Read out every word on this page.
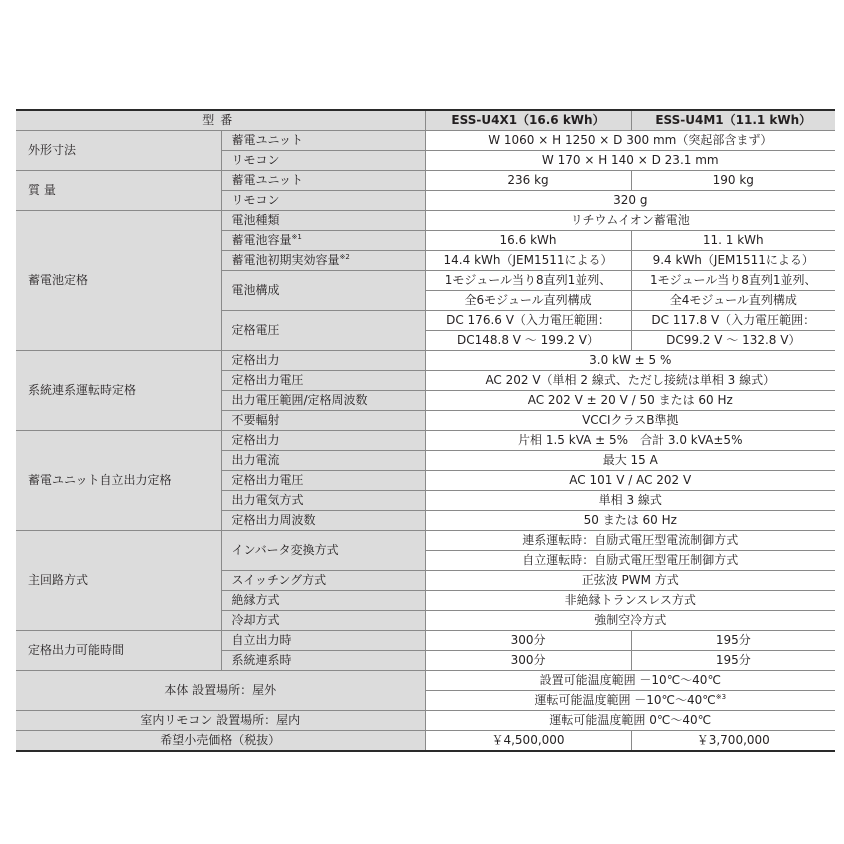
型番		ESS-U4X1（16.6 kWh）	ESS-U4M1（11.1 kWh）
外形寸法	蓄電ユニット	W 1060 × H 1250 × D 300 mm（突起部含まず）	
	リモコン	W 170 × H 140 × D 23.1 mm	
質 量	蓄電ユニット	236 kg	190 kg
	リモコン	320 g	
蓄電池定格	電池種類	リチウムイオン蓄電池	
	蓄電池容量$^{※1}$	16.6 kWh	11. 1 kWh
	蓄電池初期実効容量$^{※2}$	14.4 kWh（JEM1511による）	9.4 kWh（JEM1511による）
	電池構成	1モジュール当り8直列1並列、	1モジュール当り8直列1並列、
		全6モジュール直列構成	全4モジュール直列構成
	定格電圧	DC 176.6 V（入力電圧範囲：	DC 117.8 V（入力電圧範囲：
		DC148.8 V ～ 199.2 V）	DC99.2 V ～ 132.8 V）
系統連系運転時定格	定格出力	3.0 kW ± 5 %	
	定格出力電圧	AC 202 V（単相 2 線式、ただし接続は単相 3 線式）	
	出力電圧範囲/定格周波数	AC 202 V ± 20 V / 50 または 60 Hz	
	不要輻射	VCCIクラスB準拠	
蓄電ユニット自立出力定格	定格出力	片相 1.5 kVA ± 5%　合計 3.0 kVA±5%	
	出力電流	最大 15 A	
	定格出力電圧	AC 101 V / AC 202 V	
	出力電気方式	単相 3 線式	
	定格出力周波数	50 または 60 Hz	
主回路方式	インバータ変換方式	連系運転時：自励式電圧型電流制御方式	
		自立運転時：自励式電圧型電圧制御方式	
	スイッチング方式	正弦波 PWM 方式	
	絶縁方式	非絶縁トランスレス方式	
	冷却方式	強制空冷方式	
定格出力可能時間	自立出力時	300分	195分
	系統連系時	300分	195分
本体 設置場所：屋外		設置可能温度範囲 －10℃～40℃	
		運転可能温度範囲 －10℃～40℃$^{※3}$
室内リモコン 設置場所：屋内		運転可能温度範囲 0℃～40℃	
希望小売価格（税抜）		￥4,500,000	￥3,700,000
